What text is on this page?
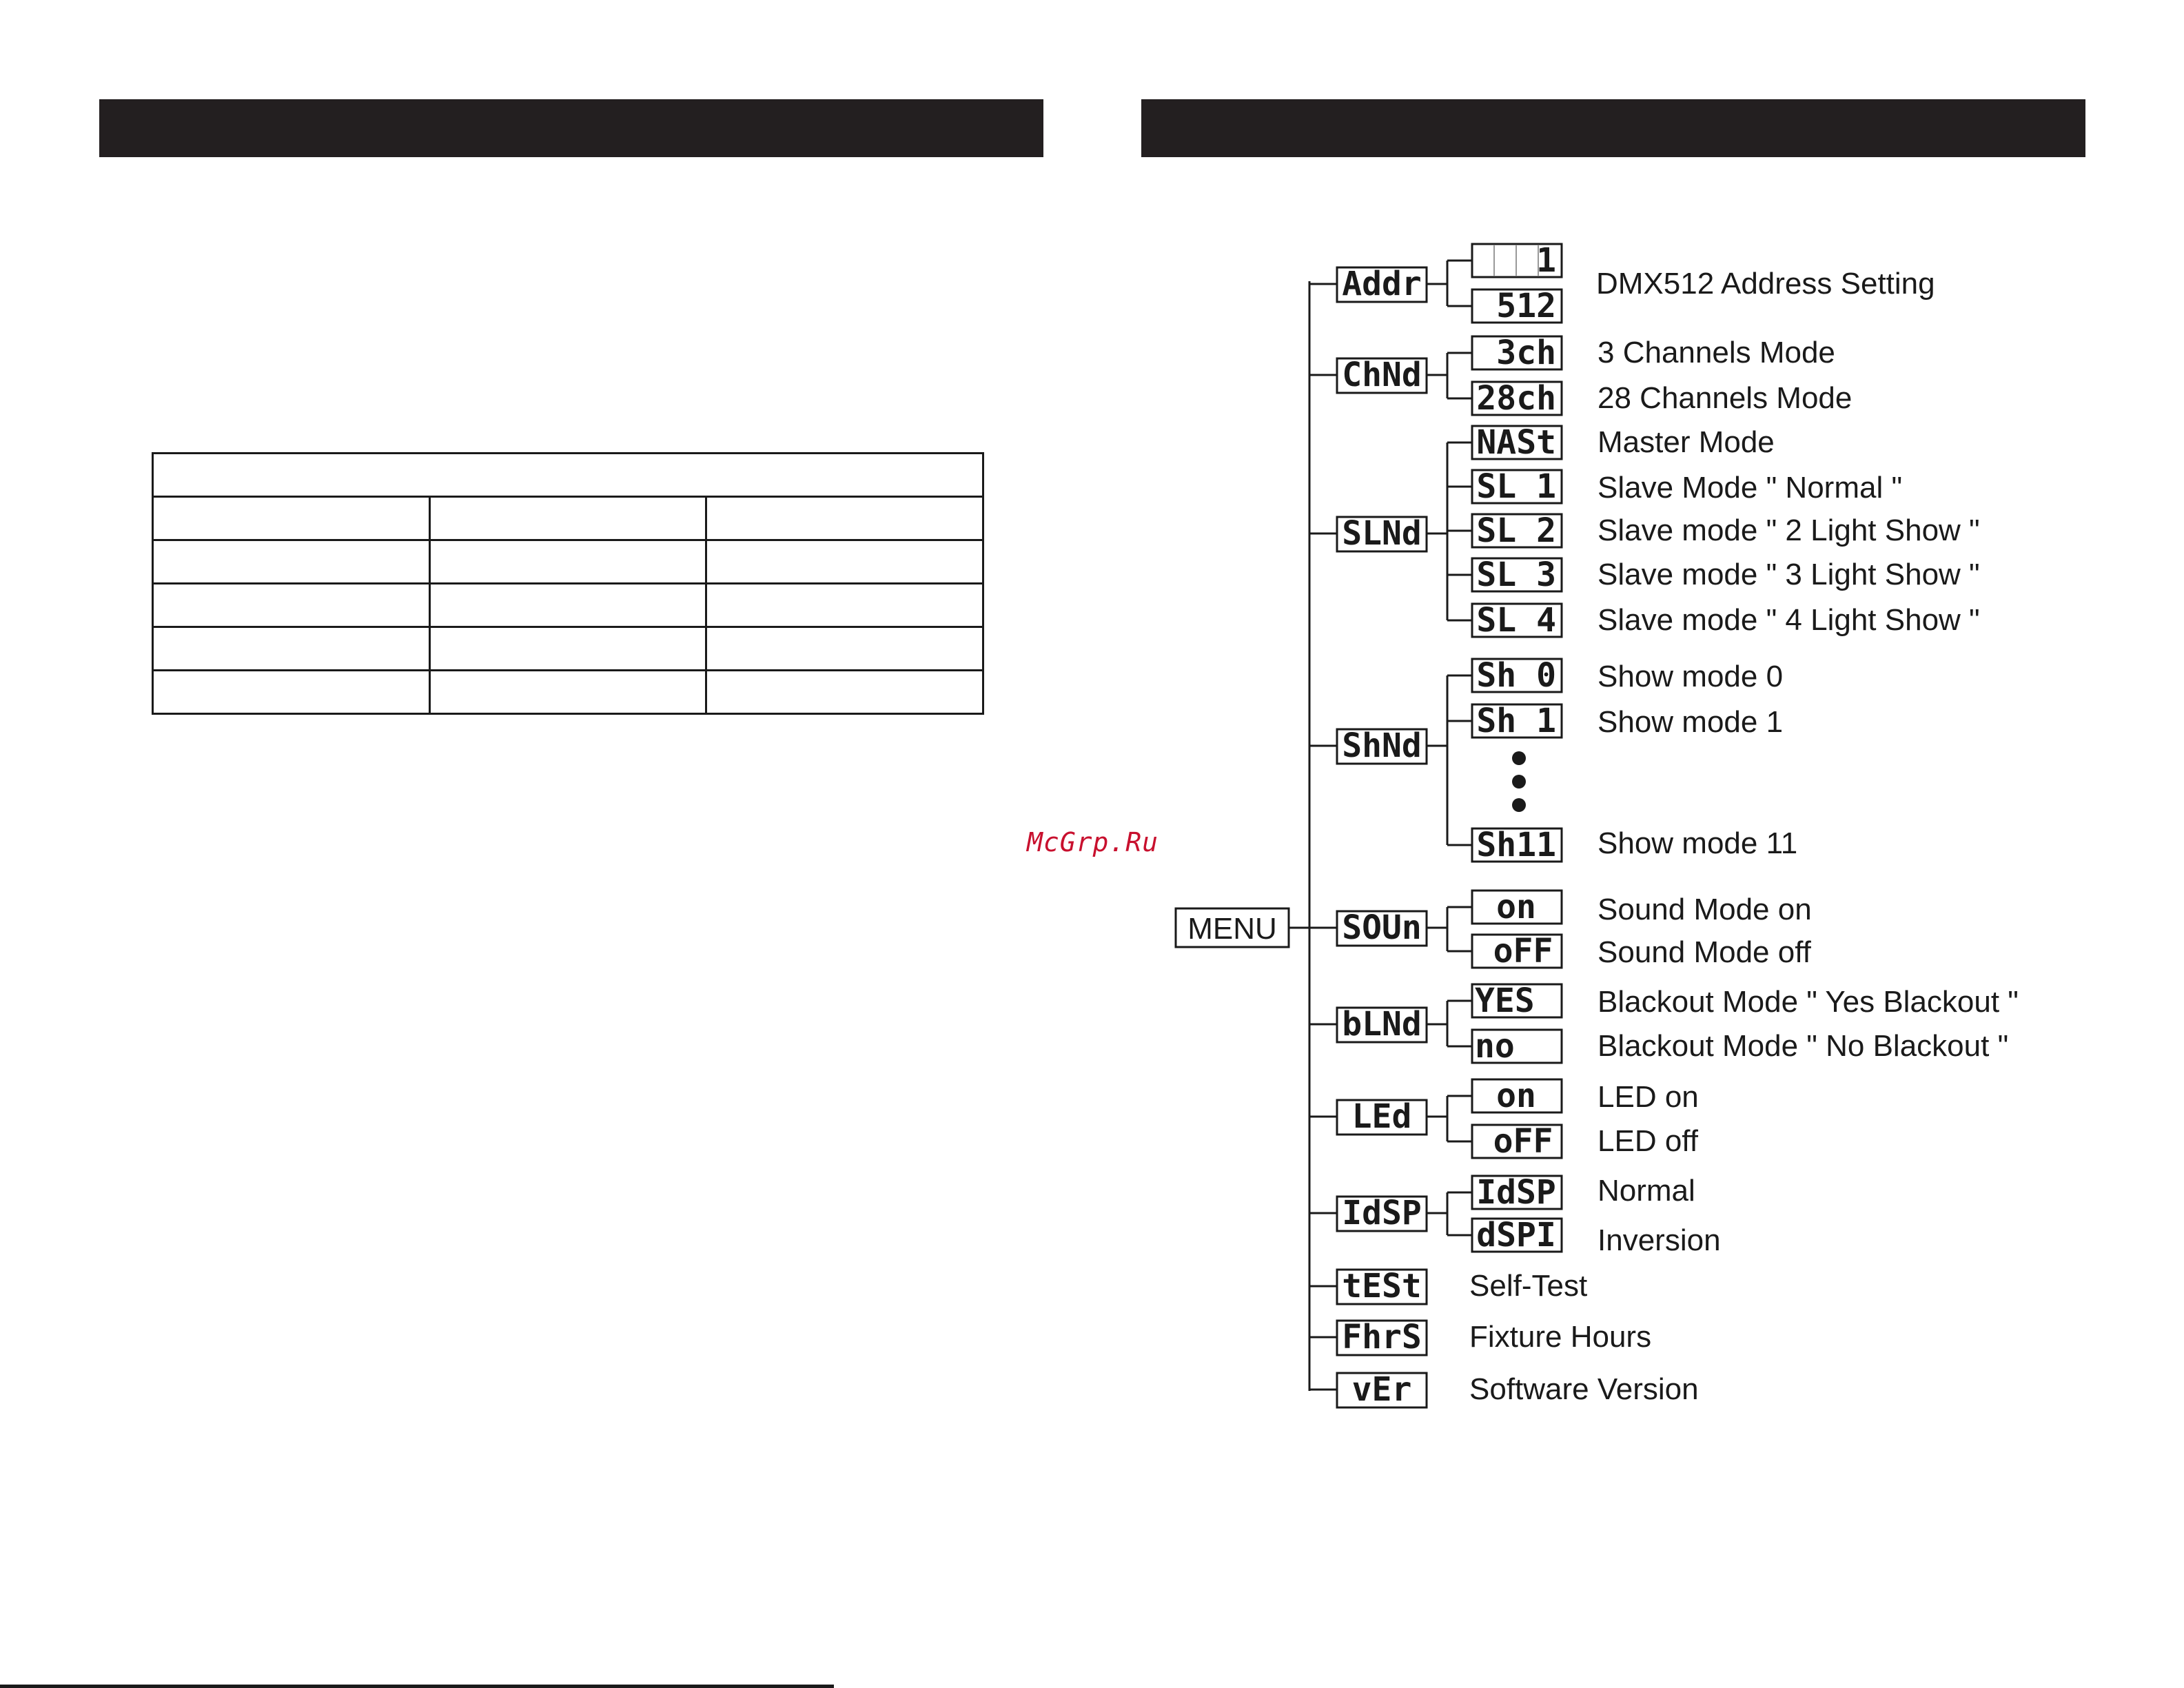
McGrp.Ru
MENU
Addr
1
512
DMX512 Address Setting
ChNd
3ch
28ch
3 Channels Mode
28 Channels Mode
SLNd
NASt
SL 1
SL 2
SL 3
SL 4
Master Mode
Slave Mode " Normal "
Slave mode " 2 Light Show "
Slave mode " 3 Light Show "
Slave mode " 4 Light Show "
ShNd
Sh 0
Sh 1
Sh11
Show mode 0
Show mode 1
Show mode 11
SOUn
on
oFF
Sound Mode on
Sound Mode off
bLNd
YES
no
Blackout Mode " Yes Blackout "
Blackout Mode " No Blackout "
LEd
on
oFF
LED on
LED off
IdSP
IdSP
dSPI
Normal
Inversion
tESt Self-Test
FhrS Fixture Hours
vEr Software Version
